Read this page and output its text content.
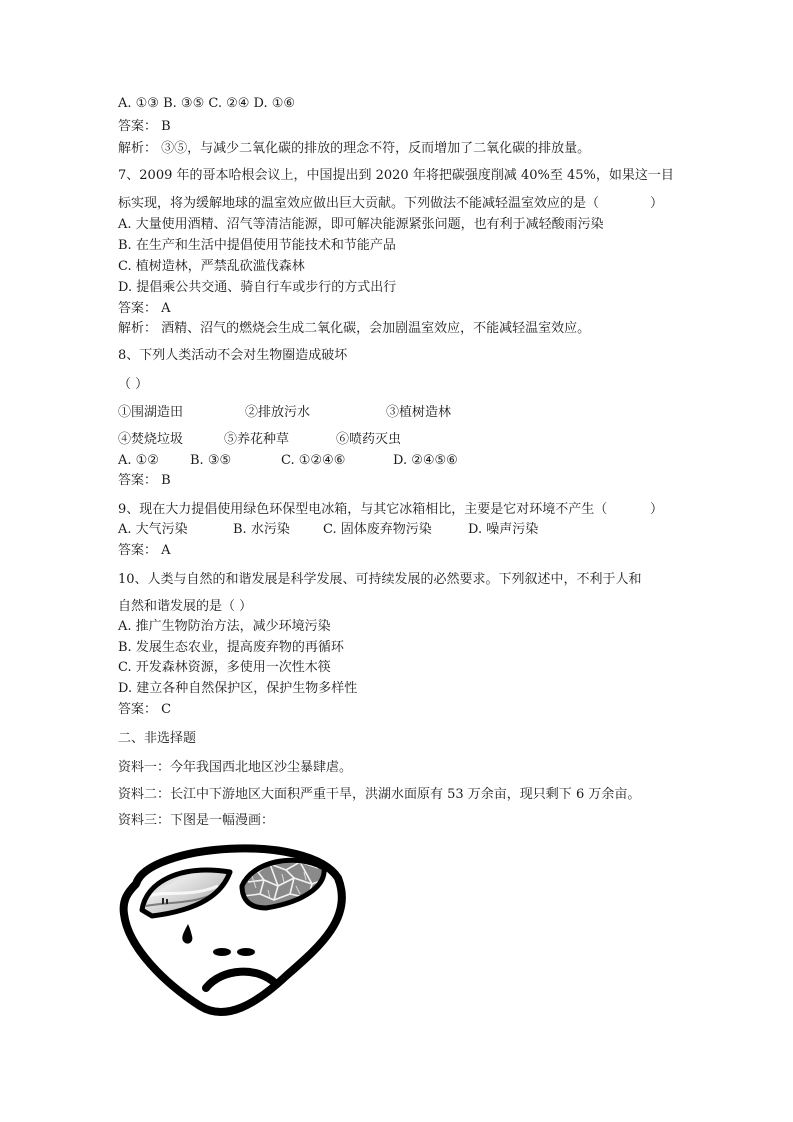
A. ①③ B. ③⑤ C. ②④ D. ①⑥
答案： B
解析： ③⑤，与减少二氧化碳的排放的理念不符，反而增加了二氧化碳的排放量。
7、2009 年的哥本哈根会议上，中国提出到 2020 年将把碳强度削减 40%至 45%，如果这一目
标实现，将为缓解地球的温室效应做出巨大贡献。下列做法不能减轻温室效应的是（	）
A. 大量使用酒精、沼气等清洁能源，即可解决能源紧张问题，也有利于减轻酸雨污染
B. 在生产和生活中提倡使用节能技术和节能产品
C. 植树造林，严禁乱砍滥伐森林
D. 提倡乘公共交通、骑自行车或步行的方式出行
答案： A
解析： 酒精、沼气的燃烧会生成二氧化碳，会加剧温室效应，不能减轻温室效应。
8、下列人类活动不会对生物圈造成破坏
（ ）
①围湖造田	②排放污水	③植树造林
④焚烧垃圾	⑤养花种草	⑥喷药灭虫
A. ①② B. ③⑤	C. ①②④⑥	D. ②④⑤⑥
答案： B
9、现在大力提倡使用绿色环保型电冰箱，与其它冰箱相比，主要是它对环境不产生（	）
A. 大气污染	B. 水污染	C. 固体废弃物污染	D. 噪声污染
答案： A
10、人类与自然的和谐发展是科学发展、可持续发展的必然要求。下列叙述中，不利于人和
自然和谐发展的是（ ）
A. 推广生物防治方法，减少环境污染
B. 发展生态农业，提高废弃物的再循环
C. 开发森林资源，多使用一次性木筷
D. 建立各种自然保护区，保护生物多样性
答案： C
二、非选择题
资料一：今年我国西北地区沙尘暴肆虐。
资料二：长江中下游地区大面积严重干旱，洪湖水面原有 53 万余亩，现只剩下 6 万余亩。
资料三：下图是一幅漫画：
